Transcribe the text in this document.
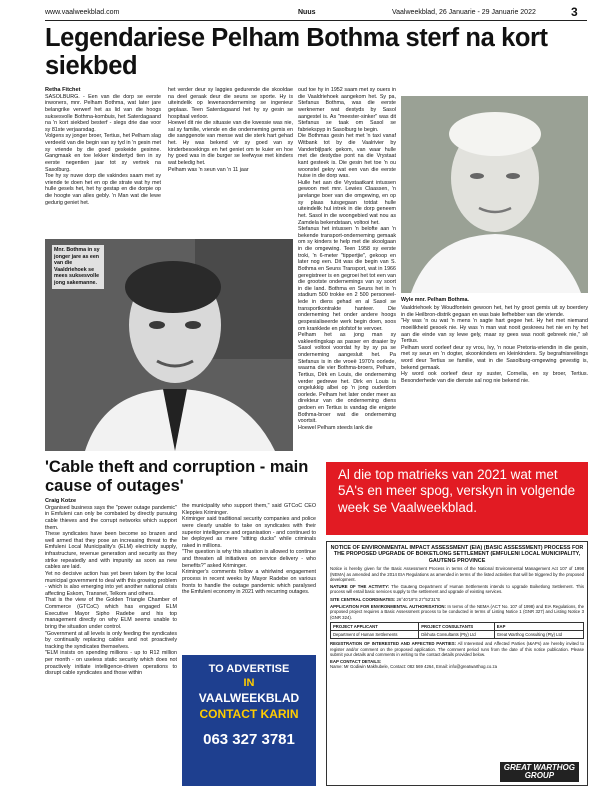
www.vaalweekblad.com	Nuus	Vaalweekblad, 26 Januarie - 29 Januarie 2022	3
Legendariese Pelham Bothma sterf na kort siekbed
Retha Fitchet

SASOLBURG. - Een van die dorp se eerste inwoners, mnr. Pelham Bothma, wat later jare belangrike verwerf het as lid van die hoogs suksesvolle Bothma-kombuis, het Saterdagaand na 'n kort siekbed besterf - slegs drie dae voor sy 81ste verjaarsdag.

Volgens sy jonger broer, Tertius, het Pelham slag verdeeld van die begin van sy tyd in 'n gesin met sy vriende by die goed geskeide gesinne. Gangmaak en toe lekker kindertyd tien in sy eerste negentien jaar tot sy vertrek na Sasolburg.

Toe hy sy nuwe dorp die vakindes saam met sy vriende te doen het en op die strate wat hy met hulle gesels het, het hy gestap en die dorpie op die hoogte van alles gebly. 'n Man wat die lewe gedurig geniet het.

het verder deur sy laggies gedurende die skooldae na deel geraak deur die seuns se sporte. Hy is uiteindelik op lewensonderneming se ingenieur geplaas. Teen Saterdagaand het hy sy gesin se hospitaal verloor.

Hoewel dit nie die situasie van die kwessie was nie, sal sy familie, vriende en die onderneming gemis en die sanggenote van mense wat die sterk hart gehad het. Hy was bekend vir sy goed van sy kinderbesoekings en het geniet om te kuier en hoe hy goed was in die burger se leefwyse met kinders wat beledig het.

Pelham was 'n seun van 'n 11 jaar

oud toe hy in 1952 saam met sy ouers in die Vaaldriehoek aangekom het. Sy pa, Stefanus Bothma, was die eerste werknemer wat destyds by Sasol aangestel is. As "meester-sinker" was dit Stefanus se taak om Sasol se fabriekspyp in Sasolburg te begin.

Die Bothmas gesin het met 'n taxi vanaf Witbank tot by die Vaalrivier by Vanderbijlpark gekom, van waar hulle met die destydse pont na die Vrystaat kant gesteek is. Die gesin het toe 'n ou woonstel gekry wat een van die eerste huise in die dorp was.

Hulle het aan die Vrystaatkant intussen gewoon met mnr. Lewies Claassen, 'n jarelange boer van die omgewing, en op sy plaas tuisgegaan totdat hulle uiteindelik hul intrek in die dorp geneem het. Sasol in die woongebied wat nou as Zamdela bekendstaan, voltooi het.

Stefanus het intussen 'n belofte aan 'n bekende transport-onderneming gemaak om sy kinders te help met die skoolgaan in die omgewing. Teen 1958 sy eerste troki, 'n 6-meter "tippertjie", gekoop en later nog een. Dit was die begin van S. Bothma en Seuns Transport, wat in 1966 geregistreer is en gegroei het tot een van die grootste ondernemings van sy soort in die land. Bothma en Seuns het in 'n stadium 500 trokke en 2 500 personeel-lede in diens gehad en al Sasol se transportkontrakte hanteer. Die onderneming het onder andere hoogs gespesialiseerde werk begin doen, soos om kranklede en plofstof te vervoer.

Pelham het as jong man sy vakleerlingskap as passer en draaier by Sasol voltooi voordat hy by sy pa se onderneming aangesluit het. Pa Stefanus is in die vroeë 1970's oorlede, waarna die vier Bothma-broers, Pelham, Tertius, Dirk en Louis, die onderneming verder gedrewe het. Dirk en Louis is ongelukkig albei op 'n jong ouderdom oorlede. Pelham het later onder meer as direkteur van die onderneming diens gedoen en Tertius is vandag die enigste Bothma-broer wat die onderneming voortsit.

Hoewel Pelham steeds lank die

Mnr. Bothma in sy jonger jare as een van die Vaaldriehoek se mees suksesvolle jong sakemanne.
Wyle mnr. Pelham Bothma.

Vaaldriehoek by Woudfontein gewoon het, het hy groot gemis uit sy boerdery in die Heilbron-distrik gegaan en was baie liefhebber van die vriende.

"Hy was 'n ou wat 'n mens 'n sagte hart gegee het. Hy het met niemand moeilikheid gesoek nie. Hy was 'n man wat nooit geskreeu het nie en hy het aan die einde van sy lewe gely, maar sy gees was nooit gebreek nie," sê Tertius.

Pelham word oorleef deur sy vrou, Ivy, 'n noue Pretoria-vriendin in die gesin, met sy seun en 'n dogter, skoonkinders en kleinkinders. Sy begrafnisreëlings word deur Tertius se familie, wat in die Sasolburg-omgewing gevestig is, bekend gemaak.

Hy word ook oorleef deur sy suster, Cornelia, en sy broer, Tertius. Besonderhede van die dienste sal nog nie bekend nie.

'Cable theft and corruption - main cause of outages'
Craig Kotze

Organised business says the "power outage pandemic" in Emfuleni can only be combated by directly pursuing cable thieves and the corrupt networks which support them.

These syndicates have been become so brazen and well armed that they pose an increasing threat to the Emfuleni Local Municipality's (ELM) electricity supply, infrastructure, revenue generation and security as they strike repeatedly and with impunity as soon as new cables are laid.

Yet no decisive action has yet been taken by the local municipal government to deal with this growing problem - which is also emerging into yet another national crisis affecting Eskom, Transnet, Telkom and others.

That is the view of the Golden Triangle Chamber of Commerce (GTCoC) which has engaged ELM Executive Mayor Sipho Radebe and his top management directly on why ELM seems unable to bring the situation under control.

"Government at all levels is only feeding the syndicates by continually replacing cables and not proactively tracking the syndicates themselves.

"ELM insists on spending millions - up to R12 million per month - on useless static security which does not proactively initiate intelligence-driven operations to disrupt cable syndicates and those within

the municipality who support them," said GTCoC CEO Kleppies Kriminger.

Kriminger said traditional security companies and police were clearly unable to take on syndicates with their superior intelligence and organisation - and continued to be deployed as mere "sitting ducks" while criminals raked in millions.

"The question is why this situation is allowed to continue and threaten all initiatives on service delivery - who benefits?" asked Kriminger.

Kriminger's comments follow a whirlwind engagement process in recent weeks by Mayor Radebe on various fronts to handle the outage pandemic which paralysed the Emfuleni economy in 2021 with recurring outages.

TO ADVERTISE
IN
VAALWEEKBLAD
CONTACT KARIN
063 327 3781
Al die top matrieks van 2021 wat met 5A's en meer spog, verskyn in volgende week se Vaalweekblad.
NOTICE OF ENVIRONMENTAL IMPACT ASSESSMENT (EIA) (BASIC ASSESSMENT) PROCESS FOR THE PROPOSED UPGRADE OF BOIKETLONG SETTLEMENT (EMFULENI LOCAL MUNICIPALITY, GAUTENG PROVINCE

Notice is hereby given for the Basic Assessment Process in terms of the National Environmental Management Act 107 of 1998 (NEMA) as amended and the 2014 EIA Regulations as amended in terms of the listed activities that will be triggered by the proposed development.

NATURE OF THE ACTIVITY: The Gauteng Department of Human Settlements intends to upgrade Boiketlong Settlement. This process will entail basic services supply to the settlement and upgrade of existing services.

SITE CENTRAL COORDINATES: 26°40'19"S 27°52'31"E

APPLICATION FOR ENVIRONMENTAL AUTHORISATION: In terms of the NEMA (ACT No. 107 of 1998) and EIA Regulations, the proposed project requires a Basic Assessment process to be conducted in terms of Listing Notice 1 (GNR 327) and Listing Notice 3 (GNR 324).

PROJECT APPLICANT	PROJECT CONSULTANTS	EAP
Department of Human Settlements	Dikhuta Consultants (Pty) Ltd	Great Warthog Consulting (Pty) Ltd

REGISTRATION OF INTERESTED AND AFFECTED PARTIES: All Interested and Affected Parties (I&APs) are hereby invited to register and/or comment on the proposed application. The comment period runs from the date of this notice publication. Please submit your details and comments in writing to the contact details provided below.

EAP CONTACT DETAILS:
Name: Mr Godiwin Makhubele, Contact: 082 569 4264, Email: info@greatwarthog.co.za

GREAT WARTHOG
GROUP
